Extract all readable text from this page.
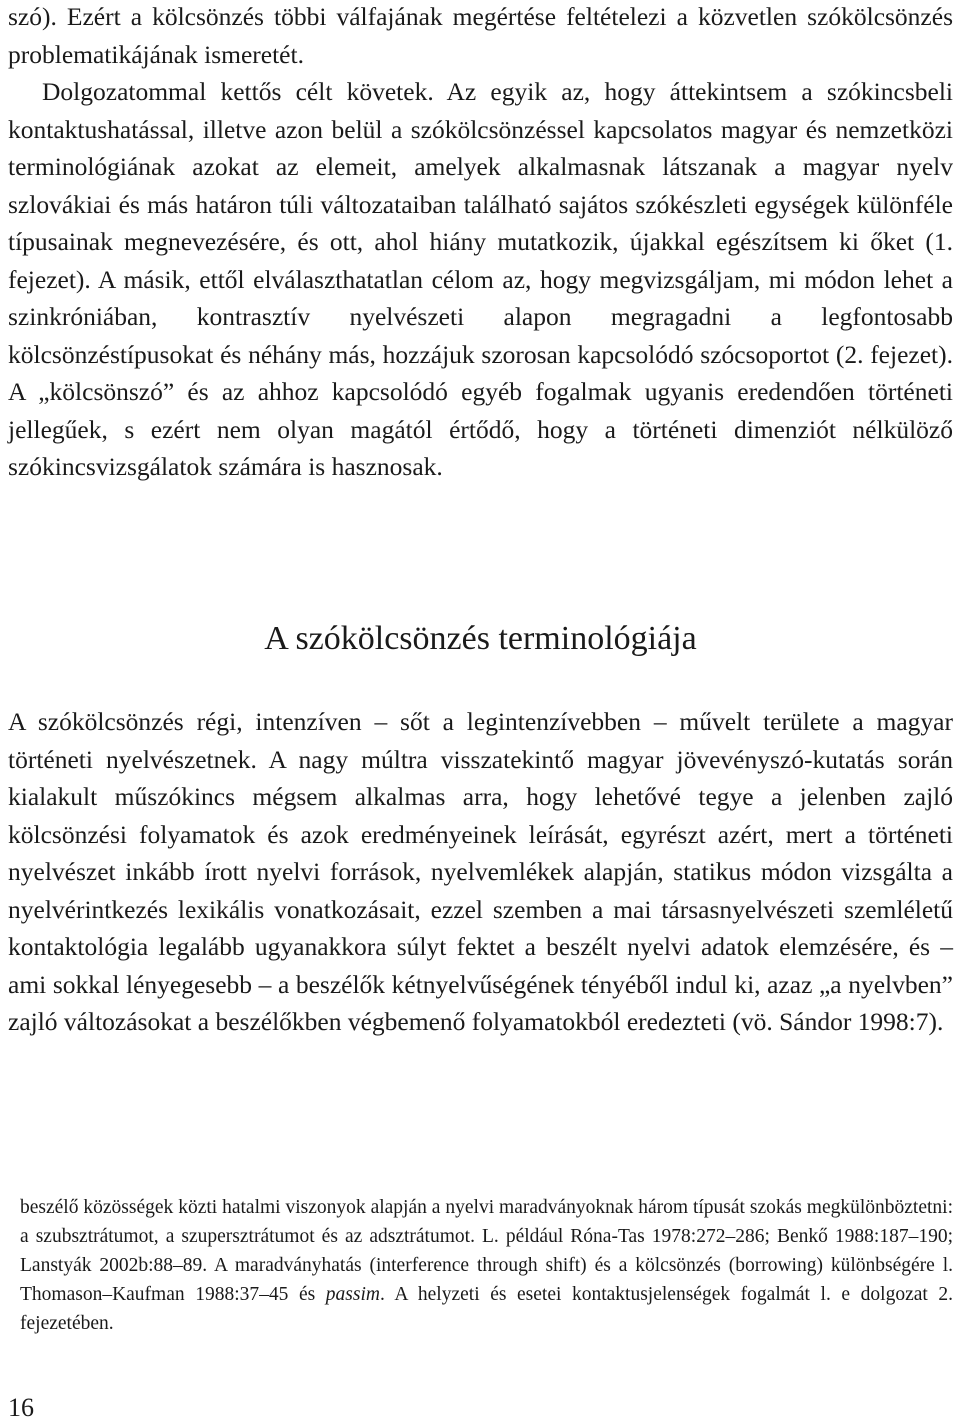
szó). Ezért a kölcsönzés többi válfajának megértése feltételezi a közvetlen szókölcsönzés problematikájának ismeretét.

Dolgozatommal kettős célt követek. Az egyik az, hogy áttekintsem a szókincsbeli kontaktushatással, illetve azon belül a szókölcsönzéssel kapcsolatos magyar és nemzetközi terminológiának azokat az elemeit, amelyek alkalmasnak látszanak a magyar nyelv szlovákiai és más határon túli változataiban található sajátos szókészleti egységek különféle típusainak megnevezésére, és ott, ahol hiány mutatkozik, újakkal egészítsem ki őket (1. fejezet). A másik, ettől elválaszthatatlan célom az, hogy megvizsgáljam, mi módon lehet a szinkróniában, kontrasztív nyelvészeti alapon megragadni a legfontosabb kölcsönzéstípusokat és néhány más, hozzájuk szorosan kapcsolódó szócsoportot (2. fejezet). A „kölcsönszó” és az ahhoz kapcsolódó egyéb fogalmak ugyanis eredendően történeti jellegűek, s ezért nem olyan magától értődő, hogy a történeti dimenziót nélkülöző szókincsvizsgálatok számára is hasznosak.

A szókölcsönzés terminológiája

A szókölcsönzés régi, intenzíven – sőt a legintenzívebben – művelt területe a magyar történeti nyelvészetnek. A nagy múltra visszatekintő magyar jövevényszó-kutatás során kialakult műszókincs mégsem alkalmas arra, hogy lehetővé tegye a jelenben zajló kölcsönzési folyamatok és azok eredményeinek leírását, egyrészt azért, mert a történeti nyelvészet inkább írott nyelvi források, nyelvemlékek alapján, statikus módon vizsgálta a nyelvérintkezés lexikális vonatkozásait, ezzel szemben a mai társasnyelvészeti szemléletű kontaktológia legalább ugyanakkora súlyt fektet a beszélt nyelvi adatok elemzésére, és – ami sokkal lényegesebb – a beszélők kétnyelvűségének tényéből indul ki, azaz „a nyelvben” zajló változásokat a beszélőkben végbemenő folyamatokból eredezteti (vö. Sándor 1998:7).

beszélő közösségek közti hatalmi viszonyok alapján a nyelvi maradványoknak három típusát szokás megkülönböztetni: a szubsztrátumot, a szupersztrátumot és az adsztrátumot. L. például Róna-Tas 1978:272–286; Benkő 1988:187–190; Lanstyák 2002b:88–89. A maradványhatás (interference through shift) és a kölcsönzés (borrowing) különbségére l. Thomason–Kaufman 1988:37–45 és passim. A helyzeti és esetei kontaktusjelenségek fogalmát l. e dolgozat 2. fejezetében.

16
